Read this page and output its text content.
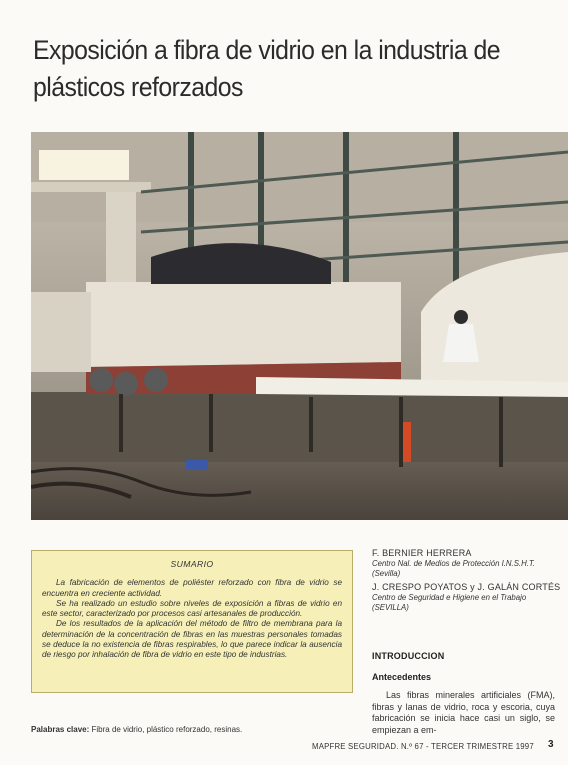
Exposición a fibra de vidrio en la industria de plásticos reforzados
SUMARIO

La fabricación de elementos de poliéster reforzado con fibra de vidrio se encuentra en creciente actividad.

Se ha realizado un estudio sobre niveles de exposición a fibras de vidrio en este sector, caracterizado por procesos casi artesanales de producción.

De los resultados de la aplicación del método de filtro de membrana para la determinación de la concentración de fibras en las muestras personales tomadas se deduce la no existencia de fibras respirables, lo que parece indicar la ausencia de riesgo por inhalación de fibra de vidrio en este tipo de industrias.

Palabras clave: Fibra de vidrio, plástico reforzado, resinas.
F. BERNIER HERRERA
Centro Nal. de Medios de Protección I.N.S.H.T. (Sevilla)
J. CRESPO POYATOS y J. GALÁN CORTÉS
Centro de Seguridad e Higiene en el Trabajo (SEVILLA)
INTRODUCCION
Antecedentes
Las fibras minerales artificiales (FMA), fibras y lanas de vidrio, roca y escoria, cuya fabricación se inicia hace casi un siglo, se empiezan a em-
MAPFRE SEGURIDAD. N.º 67 - TERCER TRIMESTRE 1997	3
